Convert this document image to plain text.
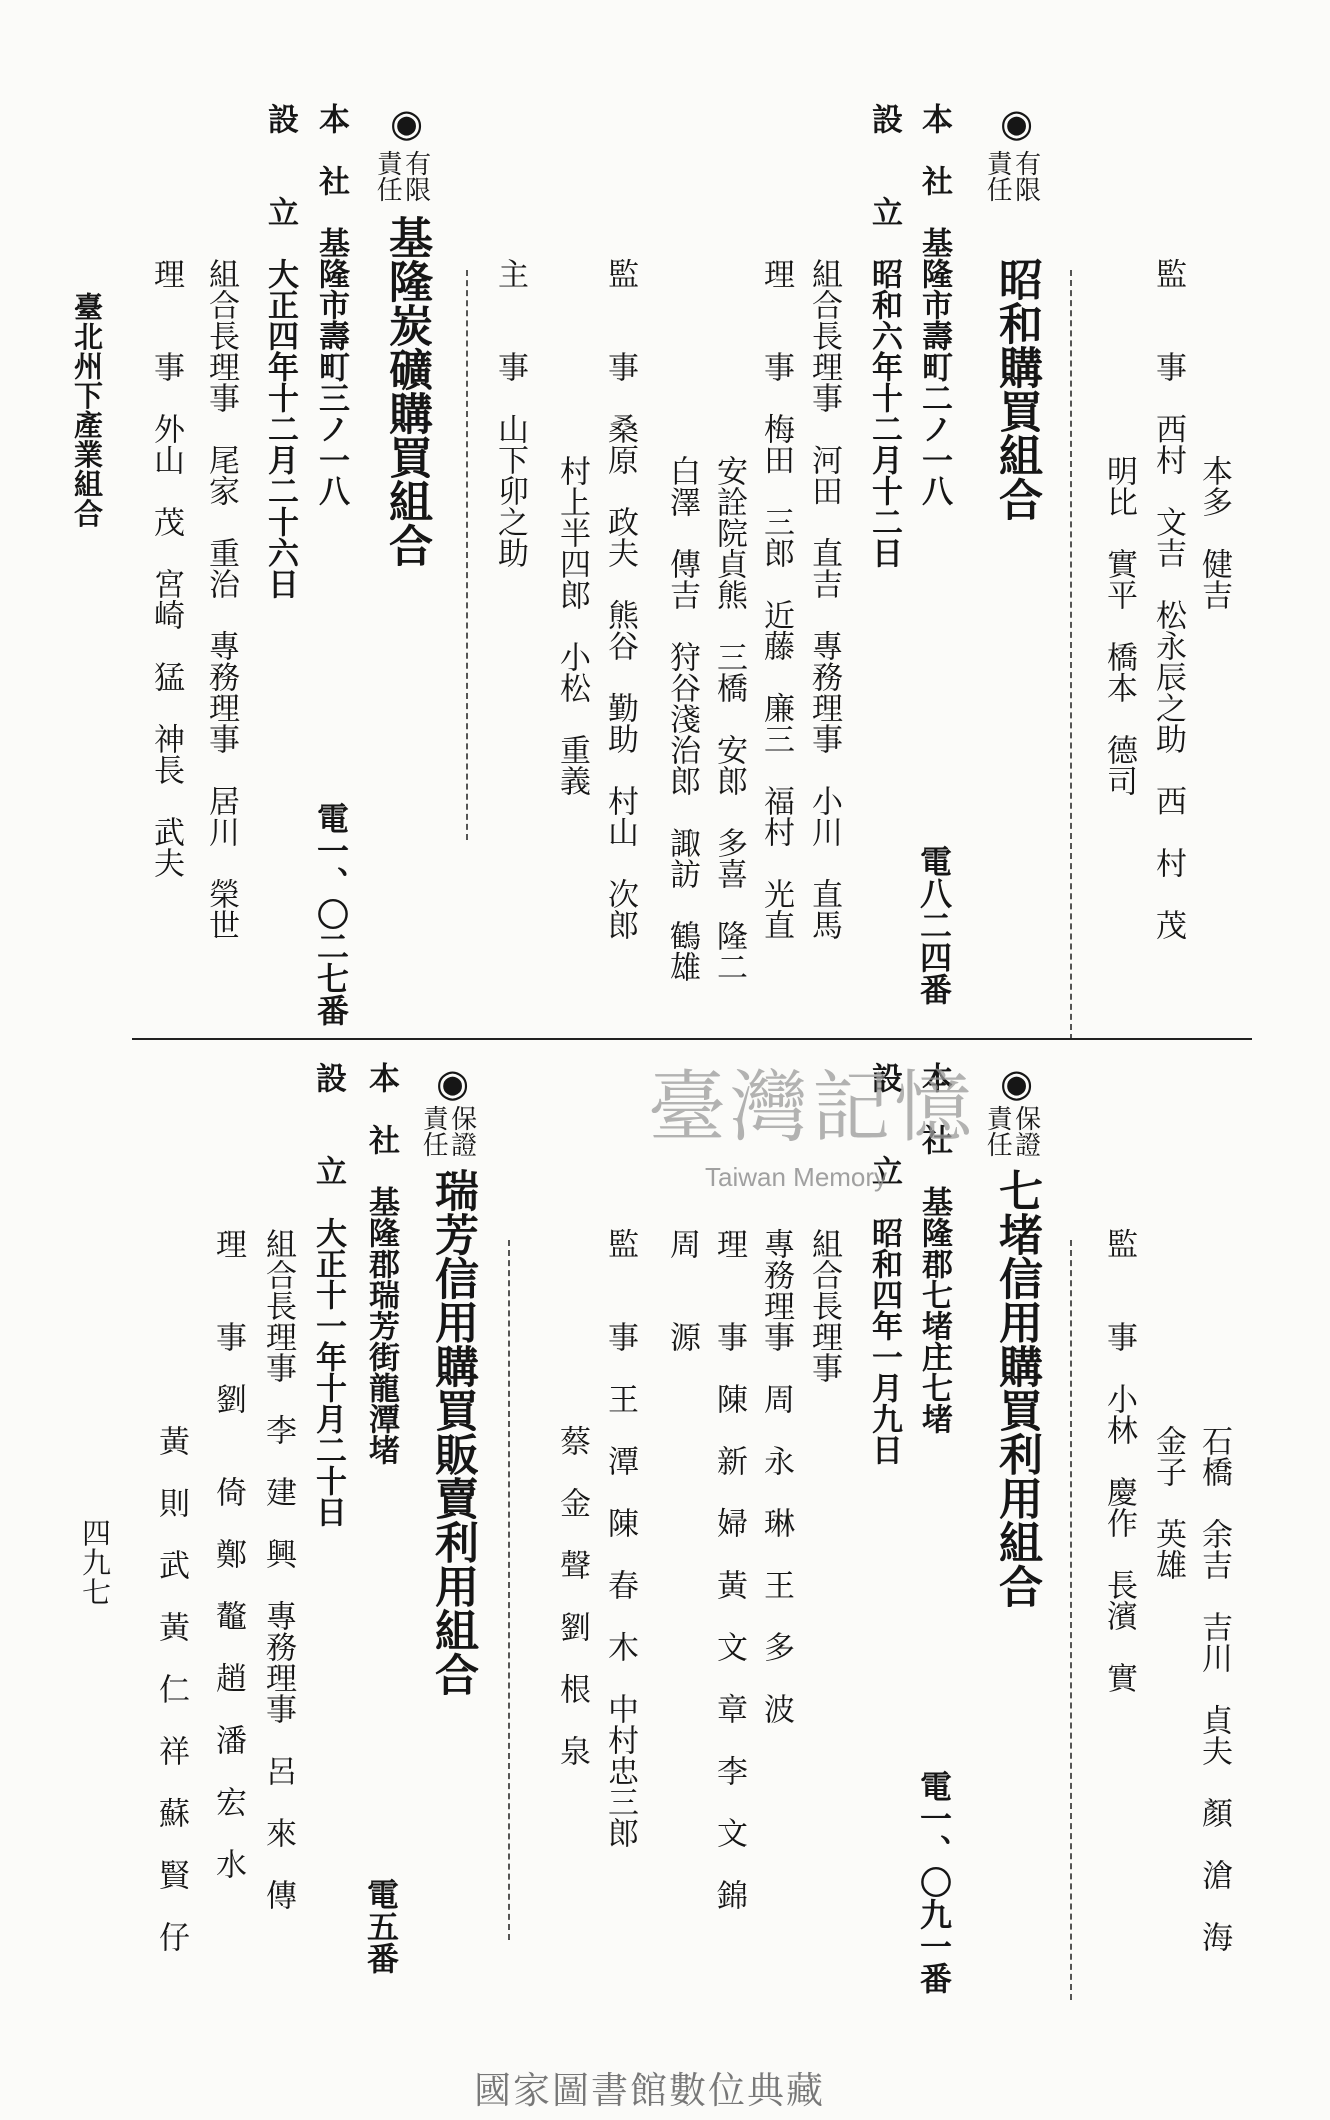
本多　健吉
監　　事　西村　文吉　松永辰之助　西　村　茂
明比　實平　橋本　德司
◉
有限
責任
昭和購買組合
本　社　基隆市壽町二ノ一八
電八二四番
設　　立　昭和六年十二月十二日
組合長理事　河田　直吉　專務理事　小川　直馬
理　　事　梅田　三郎　近藤　廉三　福村　光直
安詮院貞熊　三橋　安郎　多喜　隆二
白澤　傳吉　狩谷淺治郎　諏訪　鶴雄
監　　事　桑原　政夫　熊谷　勤助　村山　次郎
村上半四郎　小松　重義
主　　事　山下卯之助
◉
有限
責任
基隆炭礦購買組合
本　社　基隆市壽町三ノ一八
電一、〇二七番
設　　立　大正四年十二月二十六日
組合長理事　尾家　重治　專務理事　居川　榮世
理　　事　外山　茂　宮崎　猛　神長　武夫
臺北州下產業組合
石橋　余吉　吉川　貞夫　顏　滄　海
金子　英雄
監　　事　小林　慶作　長濱　實
◉
保證
責任
七堵信用購買利用組合
本　社　基隆郡七堵庄七堵
電一、〇九一番
設　　立　昭和四年一月九日
組合長理事
專務理事　周　永　琳　王　多　波
理　　事　陳　新　婦　黃　文　章　李　文　錦
周　　源
監　　事　王　潭　陳　春　木　中村忠三郎
蔡　金　聲　劉　根　泉
◉
保證
責任
瑞芳信用購買販賣利用組合
本　社　基隆郡瑞芳街龍潭堵
電五番
設　　立　大正十一年十月二十日
組合長理事　李　建　興　專務理事　呂　來　傳
理　　事　劉　　倚　鄭　鼇　趙　潘　宏　水
黃　則　武　黃　仁　祥　蘇　賢　仔
四九七
臺灣記憶
Taiwan Memory
國家圖書館數位典藏
